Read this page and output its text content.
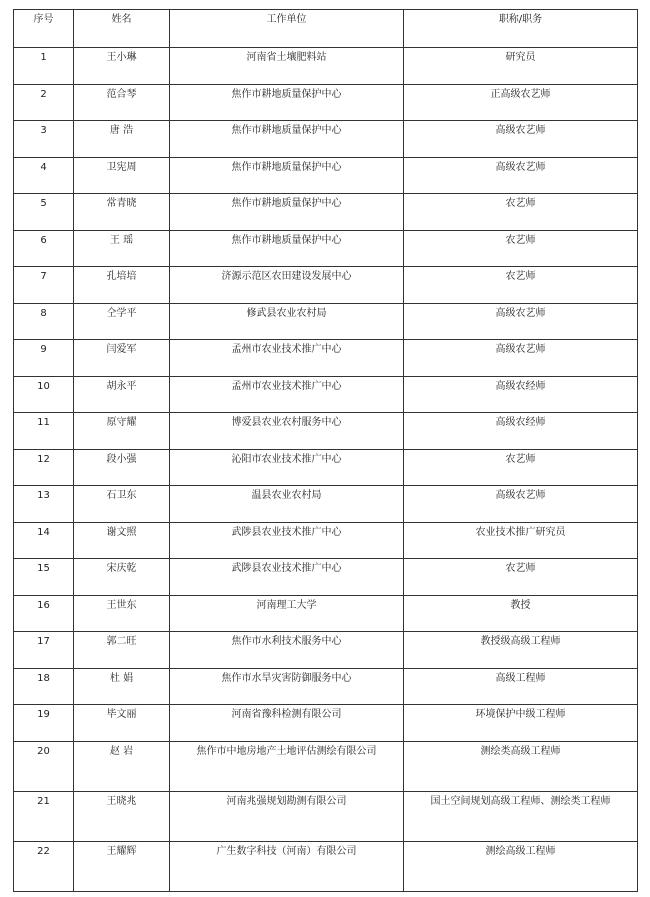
序号	姓名	工作单位	职称/职务
1	王小琳	河南省土壤肥料站	研究员
2	范合琴	焦作市耕地质量保护中心	正高级农艺师
3	唐 浩	焦作市耕地质量保护中心	高级农艺师
4	卫宪周	焦作市耕地质量保护中心	高级农艺师
5	常青晓	焦作市耕地质量保护中心	农艺师
6	王 瑶	焦作市耕地质量保护中心	农艺师
7	孔培培	济源示范区农田建设发展中心	农艺师
8	仝学平	修武县农业农村局	高级农艺师
9	闫爱军	孟州市农业技术推广中心	高级农艺师
10	胡永平	孟州市农业技术推广中心	高级农经师
11	原守耀	博爱县农业农村服务中心	高级农经师
12	段小强	沁阳市农业技术推广中心	农艺师
13	石卫东	温县农业农村局	高级农艺师
14	谢文照	武陟县农业技术推广中心	农业技术推广研究员
15	宋庆乾	武陟县农业技术推广中心	农艺师
16	王世东	河南理工大学	教授
17	郭二旺	焦作市水利技术服务中心	教授级高级工程师
18	杜 娟	焦作市水旱灾害防御服务中心	高级工程师
19	毕文丽	河南省豫科检测有限公司	环境保护中级工程师
20	赵 岩	焦作市中地房地产土地评估测绘有限公司	测绘类高级工程师
21	王晓兆	河南兆强规划勘测有限公司	国土空间规划高级工程师、测绘类工程师
22	王耀辉	广生数字科技（河南）有限公司	测绘高级工程师
